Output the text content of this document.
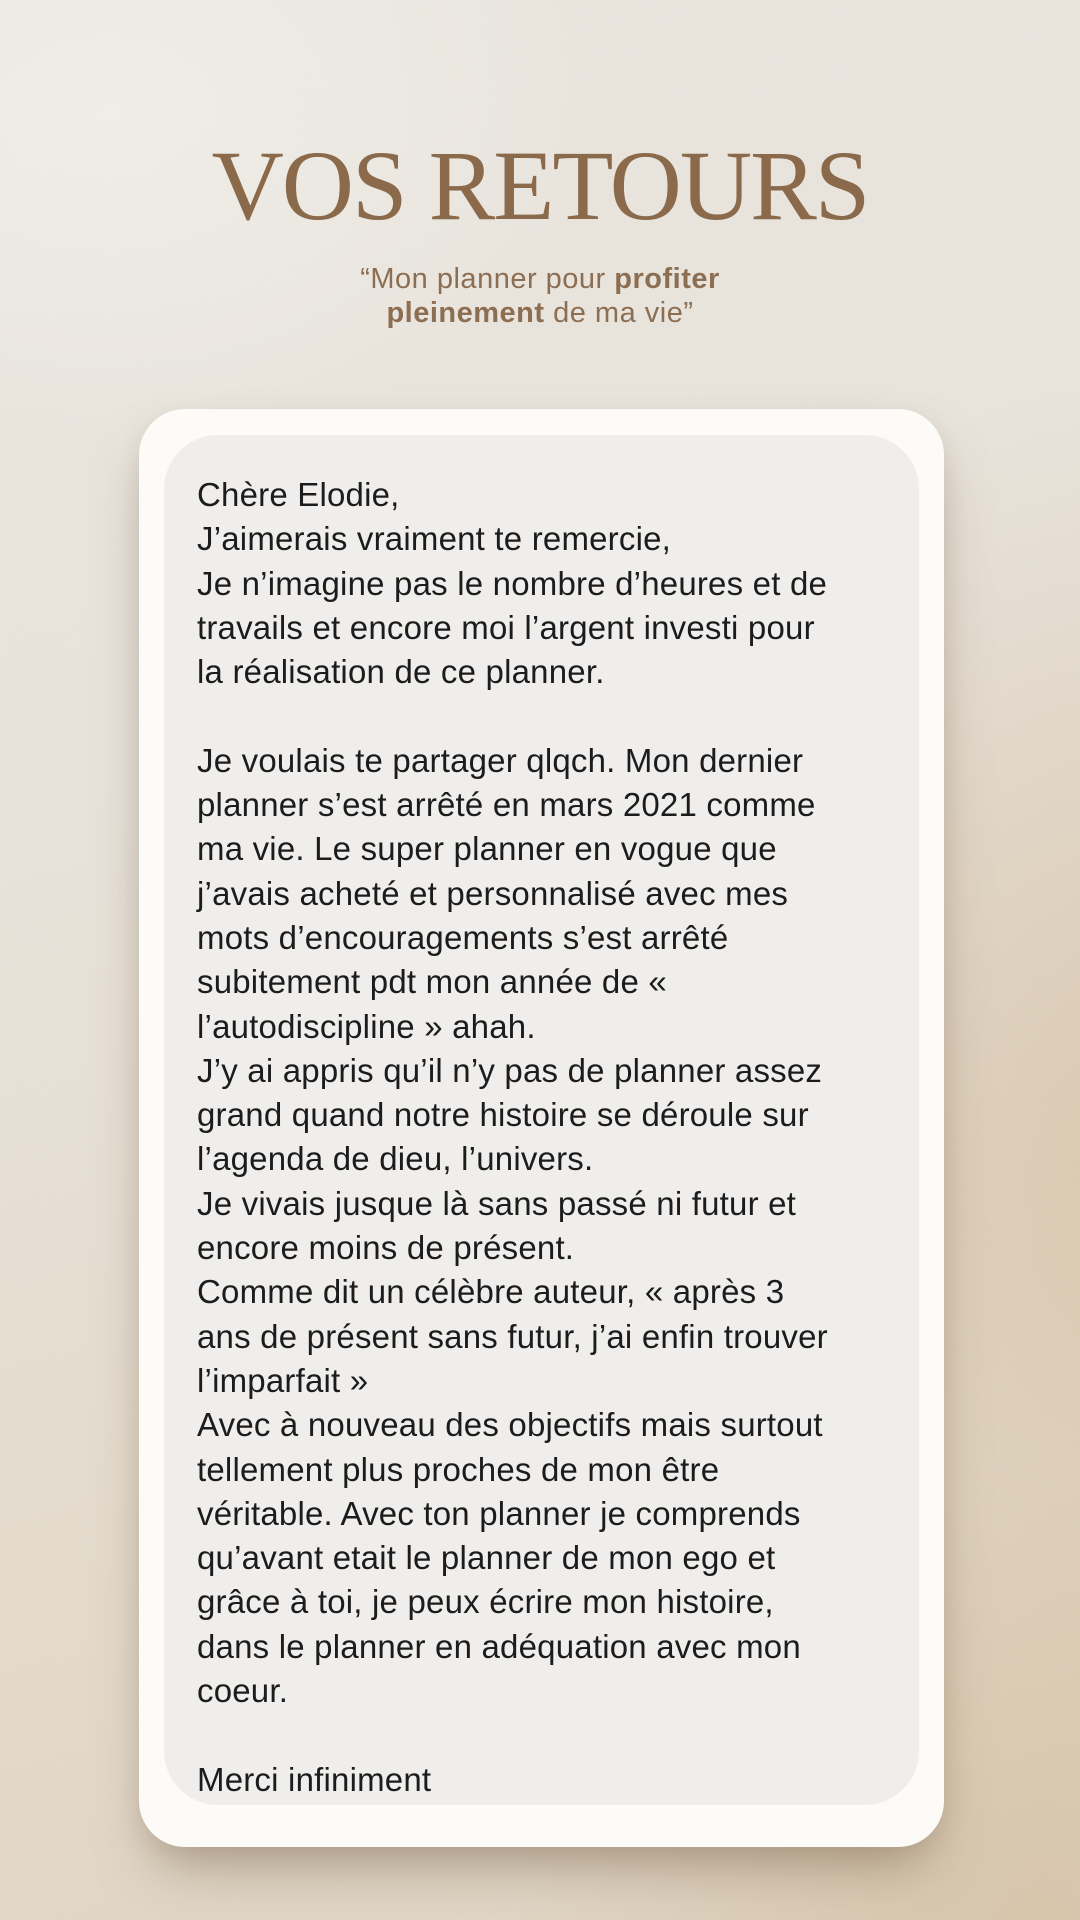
VOS RETOURS
“Mon planner pour profiter
pleinement de ma vie”
Chère Elodie,
J’aimerais vraiment te remercie,
Je n’imagine pas le nombre d’heures et de
travails et encore moi l’argent investi pour
la réalisation de ce planner.

Je voulais te partager qlqch. Mon dernier
planner s’est arrêté en mars 2021 comme
ma vie. Le super planner en vogue que
j’avais acheté et personnalisé avec mes
mots d’encouragements s’est arrêté
subitement pdt mon année de «
l’autodiscipline » ahah.
J’y ai appris qu’il n’y pas de planner assez
grand quand notre histoire se déroule sur
l’agenda de dieu, l’univers.
Je vivais jusque là sans passé ni futur et
encore moins de présent.
Comme dit un célèbre auteur, « après 3
ans de présent sans futur, j’ai enfin trouver
l’imparfait »
Avec à nouveau des objectifs mais surtout
tellement plus proches de mon être
véritable. Avec ton planner je comprends
qu’avant etait le planner de mon ego et
grâce à toi, je peux écrire mon histoire,
dans le planner en adéquation avec mon
coeur.

Merci infiniment
